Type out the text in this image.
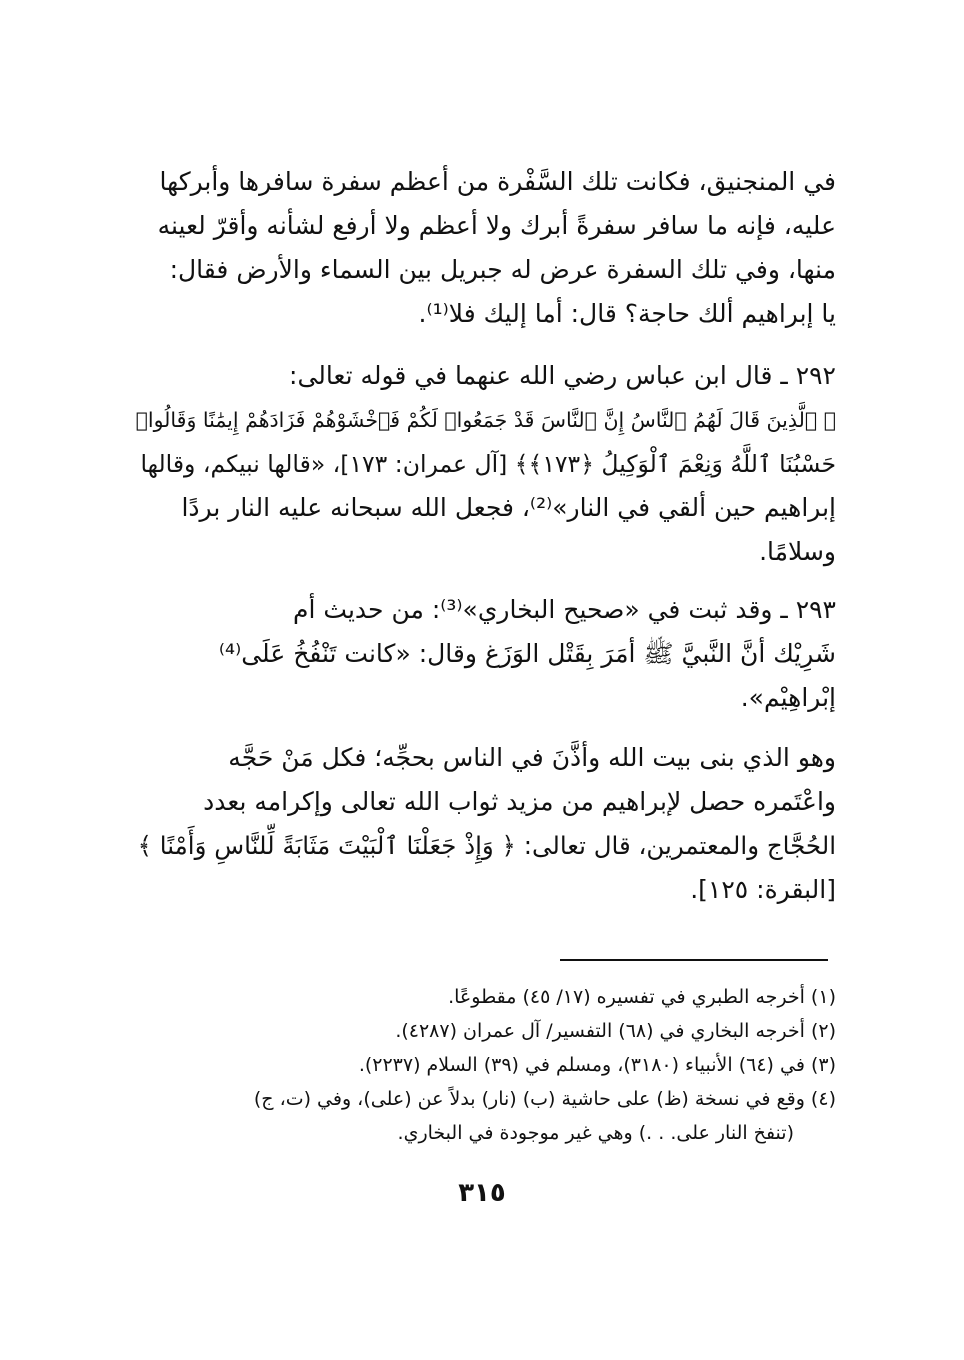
في المنجنيق، فكانت تلك السَّفْرة من أعظم سفرة سافرها وأبركها
عليه، فإنه ما سافر سفرةً أبرك ولا أعظم ولا أرفع لشأنه وأقرّ لعينه
منها، وفي تلك السفرة عرض له جبريل بين السماء والأرض فقال:
يا إبراهيم ألك حاجة؟ قال: أما إليك فلا⁽¹⁾.
٢٩٢ ـ قال ابن عباس رضي الله عنهما في قوله تعالى:
﴿ ٱلَّذِينَ قَالَ لَهُمُ ٱلنَّاسُ إِنَّ ٱلنَّاسَ قَدْ جَمَعُوا۟ لَكُمْ فَٱخْشَوْهُمْ فَزَادَهُمْ إِيمَٰنًا وَقَالُوا۟
حَسْبُنَا ٱللَّهُ وَنِعْمَ ٱلْوَكِيلُ ﴿١٧٣﴾﴾ [آل عمران: ١٧٣]، «قالها نبيكم، وقالها
إبراهيم حين ألقي في النار»⁽²⁾، فجعل الله سبحانه عليه النار بردًا
وسلامًا.
٢٩٣ ـ وقد ثبت في «صحيح البخاري»⁽³⁾: من حديث أم
شَرِيْك أنَّ النَّبيَّ ﷺ أمَرَ بِقَتْل الوَزَغ وقال: «كانت تَنْفُخُ عَلَى⁽⁴⁾
إبْراهِيْم».
وهو الذي بنى بيت الله وأذَّنَ في الناس بحجِّه؛ فكل مَنْ حَجَّه
واعْتَمره حصل لإبراهيم من مزيد ثواب الله تعالى وإكرامه بعدد
الحُجَّاج والمعتمرين، قال تعالى: ﴿ وَإِذْ جَعَلْنَا ٱلْبَيْتَ مَثَابَةً لِّلنَّاسِ وَأَمْنًا ﴾
[البقرة: ١٢٥].
(١) أخرجه الطبري في تفسيره (١٧/ ٤٥) مقطوعًا.
(٢) أخرجه البخاري في (٦٨) التفسير/ آل عمران (٤٢٨٧).
(٣) في (٦٤) الأنبياء (٣١٨٠)، ومسلم في (٣٩) السلام (٢٢٣٧).
(٤) وقع في نسخة (ظ) على حاشية (ب) (نار) بدلاً عن (على)، وفي (ت، ج)
(تنفخ النار على. . .) وهي غير موجودة في البخاري.
٣١٥
